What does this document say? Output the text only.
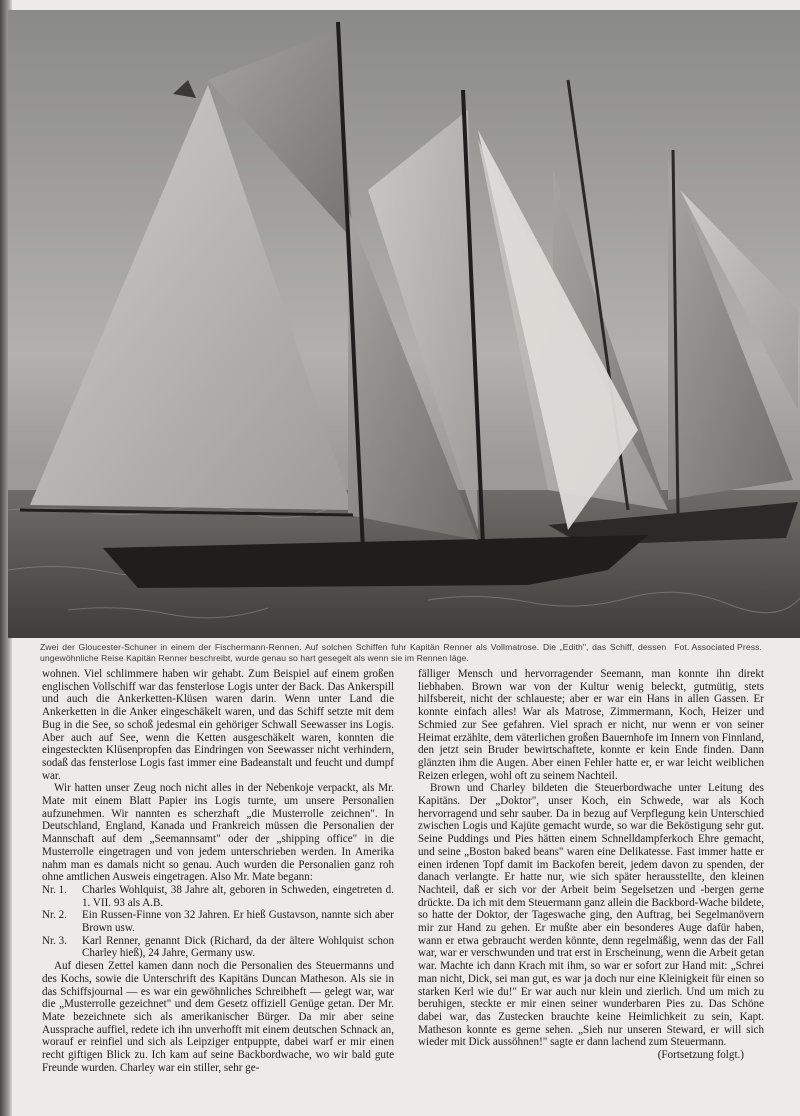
Fot. Associated Press.
Zwei der Gloucester-Schuner in einem der Fischermann-Rennen. Auf solchen Schiffen fuhr Kapitän Renner als Vollmatrose. Die „Edith", das Schiff, dessen ungewöhnliche Reise Kapitän Renner beschreibt, wurde genau so hart gesegelt als wenn sie im Rennen läge.

wohnen. Viel schlimmere haben wir gehabt. Zum Beispiel auf einem großen englischen Vollschiff war das fensterlose Logis unter der Back. Das Ankerspill und auch die Ankerketten-Klüsen waren darin. Wenn unter Land die Ankerketten in die Anker eingeschäkelt waren, und das Schiff setzte mit dem Bug in die See, so schoß jedesmal ein gehöriger Schwall Seewasser ins Logis. Aber auch auf See, wenn die Ketten ausgeschäkelt waren, konnten die eingesteckten Klüsenpropfen das Eindringen von Seewasser nicht verhindern, sodaß das fensterlose Logis fast immer eine Badeanstalt und feucht und dumpf war.

Wir hatten unser Zeug noch nicht alles in der Nebenkoje verpackt, als Mr. Mate mit einem Blatt Papier ins Logis turnte, um unsere Personalien aufzunehmen. Wir nannten es scherzhaft „die Musterrolle zeichnen". In Deutschland, England, Kanada und Frankreich müssen die Personalien der Mannschaft auf dem „Seemannsamt" oder der „shipping office" in die Musterrolle eingetragen und von jedem unterschrieben werden. In Amerika nahm man es damals nicht so genau. Auch wurden die Personalien ganz roh ohne amtlichen Ausweis eingetragen. Also Mr. Mate begann:

Nr. 1.	Charles Wohlquist, 38 Jahre alt, geboren in Schweden, eingetreten d. 1. VII. 93 als A.B.
Nr. 2.	Ein Russen-Finne von 32 Jahren. Er hieß Gustavson, nannte sich aber Brown usw.
Nr. 3.	Karl Renner, genannt Dick (Richard, da der ältere Wohlquist schon Charley hieß), 24 Jahre, Germany usw.

Auf diesen Zettel kamen dann noch die Personalien des Steuermanns und des Kochs, sowie die Unterschrift des Kapitäns Duncan Matheson. Als sie in das Schiffsjournal — es war ein gewöhnliches Schreibheft — gelegt war, war die „Musterrolle gezeichnet" und dem Gesetz offiziell Genüge getan. Der Mr. Mate bezeichnete sich als amerikanischer Bürger. Da mir aber seine Aussprache auffiel, redete ich ihn unverhofft mit einem deutschen Schnack an, worauf er reinfiel und sich als Leipziger entpuppte, dabei warf er mir einen recht giftigen Blick zu. Ich kam auf seine Backbordwache, wo wir bald gute Freunde wurden. Charley war ein stiller, sehr ge-

fälliger Mensch und hervorragender Seemann, man konnte ihn direkt liebhaben. Brown war von der Kultur wenig beleckt, gutmütig, stets hilfsbereit, nicht der schlaueste; aber er war ein Hans in allen Gassen. Er konnte einfach alles! War als Matrose, Zimmermann, Koch, Heizer und Schmied zur See gefahren. Viel sprach er nicht, nur wenn er von seiner Heimat erzählte, dem väterlichen großen Bauernhofe im Innern von Finnland, den jetzt sein Bruder bewirtschaftete, konnte er kein Ende finden. Dann glänzten ihm die Augen. Aber einen Fehler hatte er, er war leicht weiblichen Reizen erlegen, wohl oft zu seinem Nachteil.

Brown und Charley bildeten die Steuerbordwache unter Leitung des Kapitäns. Der „Doktor", unser Koch, ein Schwede, war als Koch hervorragend und sehr sauber. Da in bezug auf Verpflegung kein Unterschied zwischen Logis und Kajüte gemacht wurde, so war die Beköstigung sehr gut. Seine Puddings und Pies hätten einem Schnelldampferkoch Ehre gemacht, und seine „Boston baked beans" waren eine Delikatesse. Fast immer hatte er einen irdenen Topf damit im Backofen bereit, jedem davon zu spenden, der danach verlangte. Er hatte nur, wie sich später herausstellte, den kleinen Nachteil, daß er sich vor der Arbeit beim Segelsetzen und -bergen gerne drückte. Da ich mit dem Steuermann ganz allein die Backbord-Wache bildete, so hatte der Doktor, der Tageswache ging, den Auftrag, bei Segelmanövern mir zur Hand zu gehen. Er mußte aber ein besonderes Auge dafür haben, wann er etwa gebraucht werden könnte, denn regelmäßig, wenn das der Fall war, war er verschwunden und trat erst in Erscheinung, wenn die Arbeit getan war. Machte ich dann Krach mit ihm, so war er sofort zur Hand mit: „Schrei man nicht, Dick, sei man gut, es war ja doch nur eine Kleinigkeit für einen so starken Kerl wie du!" Er war auch nur klein und zierlich. Und um mich zu beruhigen, steckte er mir einen seiner wunderbaren Pies zu. Das Schöne dabei war, das Zustecken brauchte keine Heimlichkeit zu sein, Kapt. Matheson konnte es gerne sehen. „Sieh nur unseren Steward, er will sich wieder mit Dick aussöhnen!" sagte er dann lachend zum Steuermann.

(Fortsetzung folgt.)
